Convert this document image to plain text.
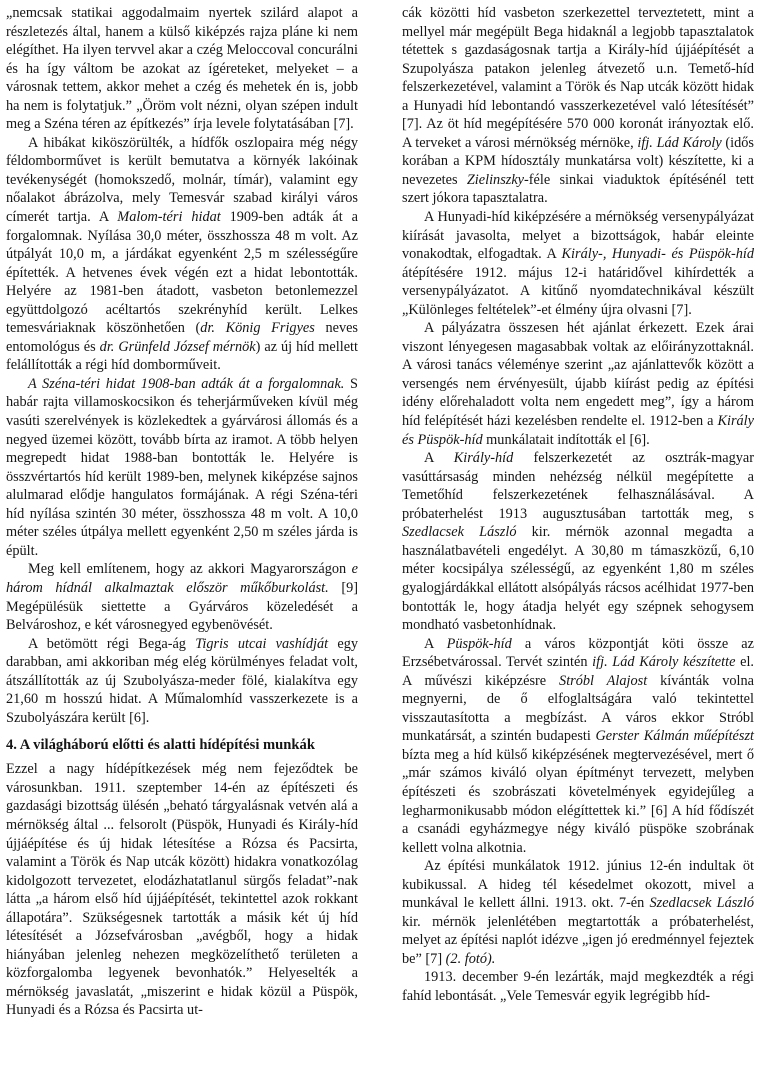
„nemcsak statikai aggodalmaim nyertek szilárd alapot a részletezés által, hanem a külső kiképzés rajza pláne ki nem elégíthet. Ha ilyen tervvel akar a czég Meloccoval concurálni és ha így váltom be azokat az ígéreteket, melyeket – a városnak tettem, akkor mehet a czég és mehetek én is, jobb ha nem is folytatjuk.” „Öröm volt nézni, olyan szépen indult meg a Széna téren az építkezés” írja levele folytatásában [7].

A hibákat kiköszörülték, a hídfők oszlopaira még négy féldomborművet is került bemutatva a környék lakóinak tevékenységét (homokszedő, molnár, tímár), valamint egy nőalakot ábrázolva, mely Temesvár szabad királyi város címerét tartja. A Malom-téri hidat 1909-ben adták át a forgalomnak. Nyílása 30,0 méter, összhossza 48 m volt. Az útpályát 10,0 m, a járdákat egyenként 2,5 m szélességűre építették. A hetvenes évek végén ezt a hidat lebontották. Helyére az 1981-ben átadott, vasbeton betonlemezzel együttdolgozó acéltartós szekrényhíd került. Lelkes temesváriaknak köszönhetően (dr. König Frigyes neves entomológus és dr. Grünfeld József mérnök) az új híd mellett felállították a régi híd domborműveit.

A Széna-téri hidat 1908-ban adták át a forgalomnak. S habár rajta villamoskocsikon és teherjárműveken kívül még vasúti szerelvények is közlekedtek a gyárvárosi állomás és a negyed üzemei között, tovább bírta az iramot. A több helyen megrepedt hidat 1988-ban bontották le. Helyére is összvértartós híd került 1989-ben, melynek kiképzése sajnos alulmarad elődje hangulatos formájának. A régi Széna-téri híd nyílása szintén 30 méter, összhossza 48 m volt. A 10,0 méter széles útpálya mellett egyenként 2,50 m széles járda is épült.

Meg kell említenem, hogy az akkori Magyarországon e három hídnál alkalmaztak először műkőburkolást. [9] Megépülésük siettette a Gyárváros közeledését a Belvároshoz, e két városnegyed egybenövését.

A betömött régi Bega-ág Tigris utcai vashídját egy darabban, ami akkoriban még elég körülményes feladat volt, átszállították az új Szubolyásza-meder fölé, kialakítva egy 21,60 m hosszú hidat. A Műmalomhíd vasszerkezete is a Szubolyászára került [6].

4. A világháború előtti és alatti hídépítési munkák

Ezzel a nagy hídépítkezések még nem fejeződtek be városunkban. 1911. szeptember 14-én az építészeti és gazdasági bizottság ülésén „beható tárgyalásnak vetvén alá a mérnökség által ... felsorolt (Püspök, Hunyadi és Király-híd újjáépítése és új hidak létesítése a Rózsa és Pacsirta, valamint a Török és Nap utcák között) hidakra vonatkozólag kidolgozott tervezetet, elodázhatatlanul sürgős feladat”-nak látta „a három első híd újjáépítését, tekintettel azok rokkant állapotára”. Szükségesnek tartották a másik két új híd létesítését a Józsefvárosban „avégből, hogy a hidak hiányában jelenleg nehezen megközelíthető területen a közforgalomba legyenek bevonhatók.” Helyeselték a mérnökség javaslatát, „miszerint e hidak közül a Püspök, Hunyadi és a Rózsa és Pacsirta ut-

cák közötti híd vasbeton szerkezettel terveztetett, mint a mellyel már megépült Bega hidaknál a legjobb tapasztalatok tétettek s gazdaságosnak tartja a Király-híd újjáépítését a Szupolyásza patakon jelenleg átvezető u.n. Temető-híd felszerkezetével, valamint a Török és Nap utcák között hidak a Hunyadi híd lebontandó vasszerkezetével való létesítését” [7]. Az öt híd megépítésére 570 000 koronát irányoztak elő. A terveket a városi mérnökség mérnöke, ifj. Lád Károly (idős korában a KPM hídosztály munkatársa volt) készítette, ki a nevezetes Zielinszky-féle sinkai viaduktok építésénél tett szert jókora tapasztalatra.

A Hunyadi-híd kiképzésére a mérnökség versenypályázat kiírását javasolta, melyet a bizottságok, habár eleinte vonakodtak, elfogadtak. A Király-, Hunyadi- és Püspök-híd átépítésére 1912. május 12-i határidővel kihírdették a versenypályázatot. A kitűnő nyomdatechnikával készült „Különleges feltételek”-et élmény újra olvasni [7].

A pályázatra összesen hét ajánlat érkezett. Ezek árai viszont lényegesen magasabbak voltak az előirányzottaknál. A városi tanács véleménye szerint „az ajánlattevők között a versengés nem érvényesült, újabb kiírást pedig az építési idény előrehaladott volta nem engedett meg”, így a három híd felépítését házi kezelésben rendelte el. 1912-ben a Király és Püspök-híd munkálatait indították el [6].

A Király-híd felszerkezetét az osztrák-magyar vasúttársaság minden nehézség nélkül megépítette a Temetőhíd felszerkezetének felhasználásával. A próbaterhelést 1913 augusztusában tartották meg, s Szedlacsek László kir. mérnök azonnal megadta a használatbavételi engedélyt. A 30,80 m támaszközű, 6,10 méter kocsipálya szélességű, az egyenként 1,80 m széles gyalogjárdákkal ellátott alsópályás rácsos acélhidat 1977-ben bontották le, hogy átadja helyét egy szépnek sehogysem mondható vasbetonhídnak.

A Püspök-híd a város központját köti össze az Erzsébetvárossal. Tervét szintén ifj. Lád Károly készítette el. A művészi kiképzésre Stróbl Alajost kívánták volna megnyerni, de ő elfoglaltságára való tekintettel visszautasította a megbízást. A város ekkor Stróbl munkatársát, a szintén budapesti Gerster Kálmán műépítészt bízta meg a híd külső kiképzésének megtervezésével, mert ő „már számos kiváló olyan építményt tervezett, melyben építészeti és szobrászati követelmények egyidejűleg a legharmonikusabb módon elégíttettek ki.” [6] A híd fődíszét a csanádi egyházmegye négy kiváló püspöke szobrának kellett volna alkotnia.

Az építési munkálatok 1912. június 12-én indultak öt kubikussal. A hideg tél késedelmet okozott, mivel a munkával le kellett állni. 1913. okt. 7-én Szedlacsek László kir. mérnök jelenlétében megtartották a próbaterhelést, melyet az építési naplót idézve „igen jó eredménnyel fejeztek be” [7] (2. fotó).

1913. december 9-én lezárták, majd megkezdték a régi fahíd lebontását. „Vele Temesvár egyik legrégibb híd-
